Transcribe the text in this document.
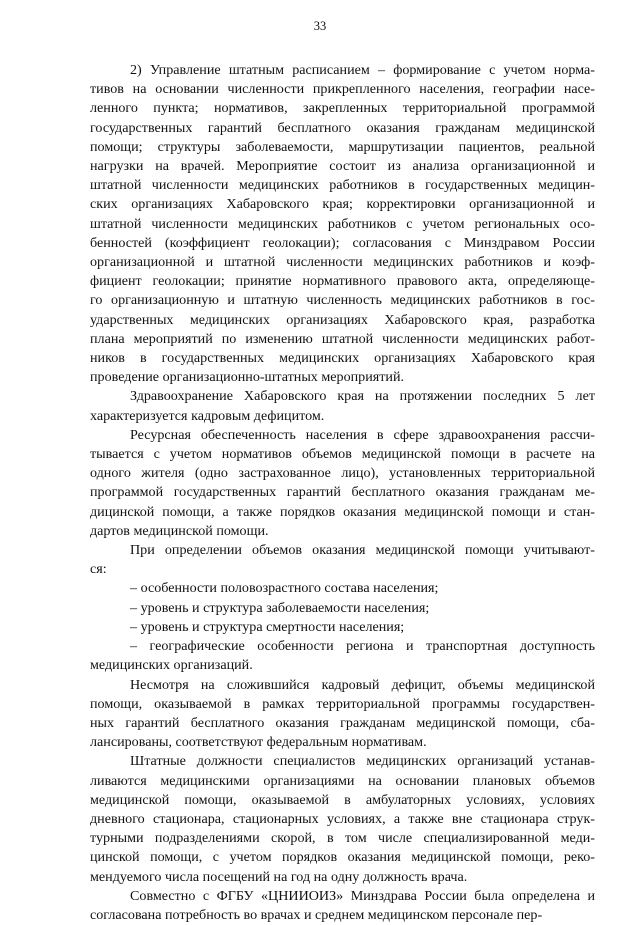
33
2) Управление штатным расписанием – формирование с учетом норма-
тивов на основании численности прикрепленного населения, географии насе-
ленного пункта; нормативов, закрепленных территориальной программой
государственных гарантий бесплатного оказания гражданам медицинской
помощи; структуры заболеваемости, маршрутизации пациентов, реальной
нагрузки на врачей. Мероприятие состоит из анализа организационной и
штатной численности медицинских работников в государственных медицин-
ских организациях Хабаровского края; корректировки организационной и
штатной численности медицинских работников с учетом региональных осо-
бенностей (коэффициент геолокации); согласования с Минздравом России
организационной и штатной численности медицинских работников и коэф-
фициент геолокации; принятие нормативного правового акта, определяюще-
го организационную и штатную численность медицинских работников в гос-
ударственных медицинских организациях Хабаровского края, разработка
плана мероприятий по изменению штатной численности медицинских работ-
ников в государственных медицинских организациях Хабаровского края
проведение организационно-штатных мероприятий.
Здравоохранение Хабаровского края на протяжении последних 5 лет
характеризуется кадровым дефицитом.
Ресурсная обеспеченность населения в сфере здравоохранения рассчи-
тывается с учетом нормативов объемов медицинской помощи в расчете на
одного жителя (одно застрахованное лицо), установленных территориальной
программой государственных гарантий бесплатного оказания гражданам ме-
дицинской помощи, а также порядков оказания медицинской помощи и стан-
дартов медицинской помощи.
При определении объемов оказания медицинской помощи учитывают-
ся:
– особенности половозрастного состава населения;
– уровень и структура заболеваемости населения;
– уровень и структура смертности населения;
– географические особенности региона и транспортная доступность
медицинских организаций.
Несмотря на сложившийся кадровый дефицит, объемы медицинской
помощи, оказываемой в рамках территориальной программы государствен-
ных гарантий бесплатного оказания гражданам медицинской помощи, сба-
лансированы, соответствуют федеральным нормативам.
Штатные должности специалистов медицинских организаций устанав-
ливаются медицинскими организациями на основании плановых объемов
медицинской помощи, оказываемой в амбулаторных условиях, условиях
дневного стационара, стационарных условиях, а также вне стационара струк-
турными подразделениями скорой, в том числе специализированной меди-
цинской помощи, с учетом порядков оказания медицинской помощи, реко-
мендуемого числа посещений на год на одну должность врача.
Совместно с ФГБУ «ЦНИИОИЗ» Минздрава России была определена и
согласована потребность во врачах и среднем медицинском персонале пер-
